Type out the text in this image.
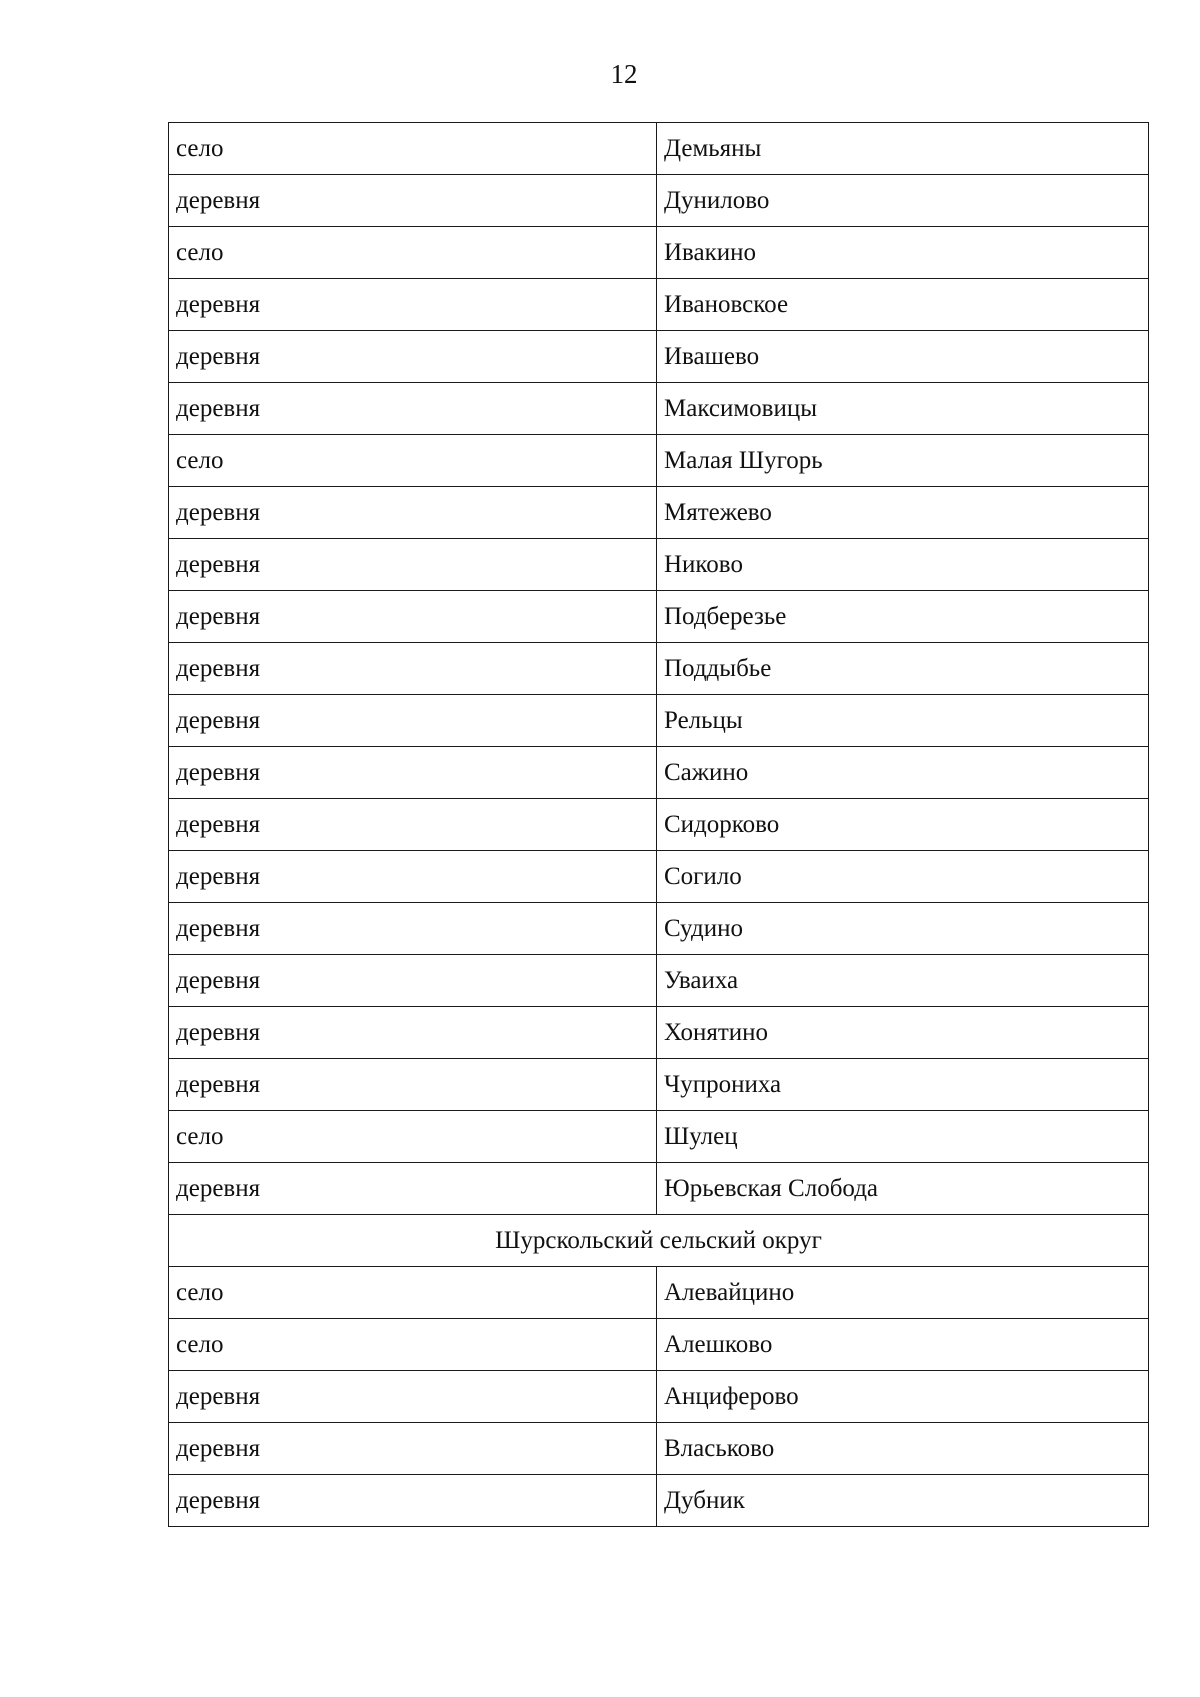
12
село	Демьяны
деревня	Дунилово
село	Ивакино
деревня	Ивановское
деревня	Ивашево
деревня	Максимовицы
село	Малая Шугорь
деревня	Мятежево
деревня	Никово
деревня	Подберезье
деревня	Поддыбье
деревня	Рельцы
деревня	Сажино
деревня	Сидорково
деревня	Согило
деревня	Судино
деревня	Уваиха
деревня	Хонятино
деревня	Чупрониха
село	Шулец
деревня	Юрьевская Слобода
Шурскольский сельский округ	
село	Алевайцино
село	Алешково
деревня	Анциферово
деревня	Власьково
деревня	Дубник
